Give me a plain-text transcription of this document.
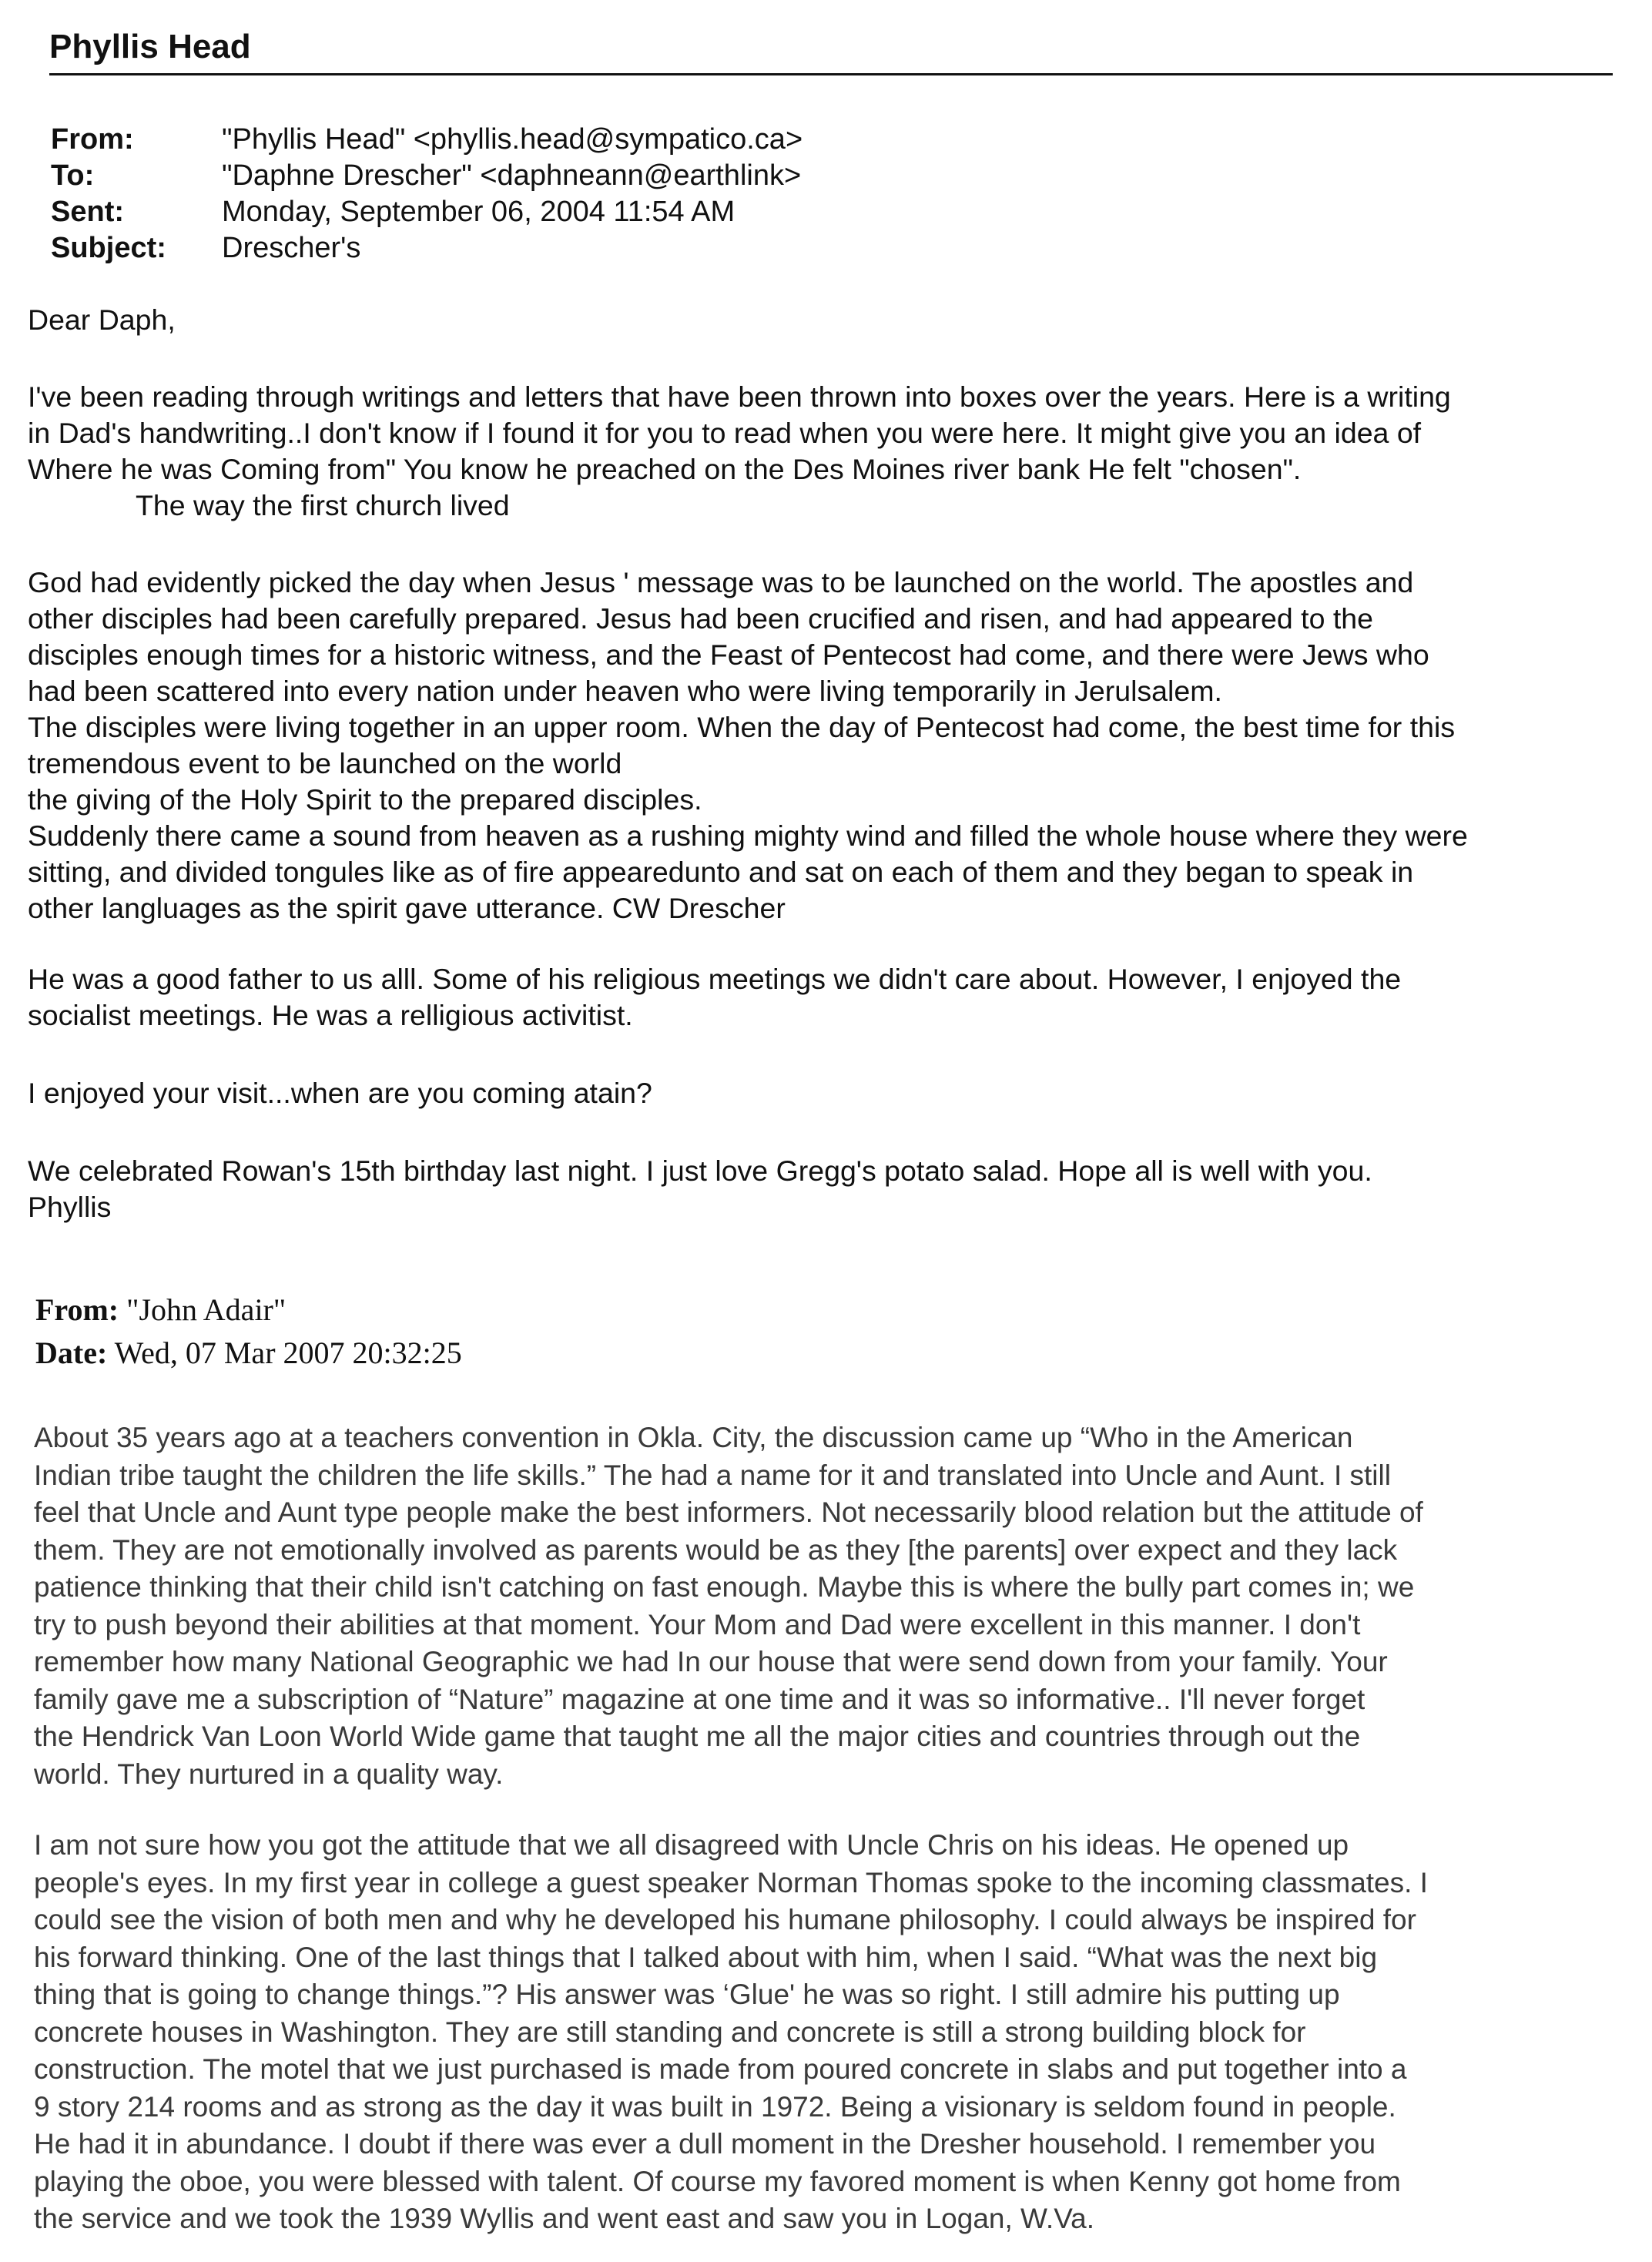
Phyllis Head
From:	"Phyllis Head" <phyllis.head@sympatico.ca>
To:	"Daphne Drescher" <daphneann@earthlink>
Sent:	Monday, September 06, 2004 11:54 AM
Subject:	Drescher's
Dear Daph,
I've been reading through writings and letters that have been thrown into boxes over the years. Here is a writing
in Dad's handwriting..I don't know if I found it for you to read when you were here. It might give you an idea of
Where he was Coming from" You know he preached on the Des Moines river bank He felt "chosen".
The way the first church lived
God had evidently picked the day when Jesus ' message was to be launched on the world. The apostles and
other disciples had been carefully prepared. Jesus had been crucified and risen, and had appeared to the
disciples enough times for a historic witness, and the Feast of Pentecost had come, and there were Jews who
had been scattered into every nation under heaven who were living temporarily in Jerulsalem.
The disciples were living together in an upper room. When the day of Pentecost had come, the best time for this
tremendous event to be launched on the world
the giving of the Holy Spirit to the prepared disciples.
Suddenly there came a sound from heaven as a rushing mighty wind and filled the whole house where they were
sitting, and divided tongules like as of fire appearedunto and sat on each of them and they began to speak in
other langluages as the spirit gave utterance. CW Drescher
He was a good father to us alll. Some of his religious meetings we didn't care about. However, I enjoyed the
socialist meetings. He was a relligious activitist.
I enjoyed your visit...when are you coming atain?
We celebrated Rowan's 15th birthday last night. I just love Gregg's potato salad. Hope all is well with you.
Phyllis
From: "John Adair"
Date: Wed, 07 Mar 2007 20:32:25
About 35 years ago at a teachers convention in Okla. City, the discussion came up “Who in the American
Indian tribe taught the children the life skills.” The had a name for it and translated into Uncle and Aunt. I still
feel that Uncle and Aunt type people make the best informers. Not necessarily blood relation but the attitude of
them. They are not emotionally involved as parents would be as they [the parents] over expect and they lack
patience thinking that their child isn't catching on fast enough. Maybe this is where the bully part comes in; we
try to push beyond their abilities at that moment. Your Mom and Dad were excellent in this manner. I don't
remember how many National Geographic we had In our house that were send down from your family. Your
family gave me a subscription of “Nature” magazine at one time and it was so informative.. I'll never forget
the Hendrick Van Loon World Wide game that taught me all the major cities and countries through out the
world. They nurtured in a quality way.
I am not sure how you got the attitude that we all disagreed with Uncle Chris on his ideas. He opened up
people's eyes. In my first year in college a guest speaker Norman Thomas spoke to the incoming classmates. I
could see the vision of both men and why he developed his humane philosophy. I could always be inspired for
his forward thinking. One of the last things that I talked about with him, when I said. “What was the next big
thing that is going to change things.”? His answer was ‘Glue' he was so right. I still admire his putting up
concrete houses in Washington. They are still standing and concrete is still a strong building block for
construction. The motel that we just purchased is made from poured concrete in slabs and put together into a
9 story 214 rooms and as strong as the day it was built in 1972. Being a visionary is seldom found in people.
He had it in abundance. I doubt if there was ever a dull moment in the Dresher household. I remember you
playing the oboe, you were blessed with talent. Of course my favored moment is when Kenny got home from
the service and we took the 1939 Wyllis and went east and saw you in Logan, W.Va.
